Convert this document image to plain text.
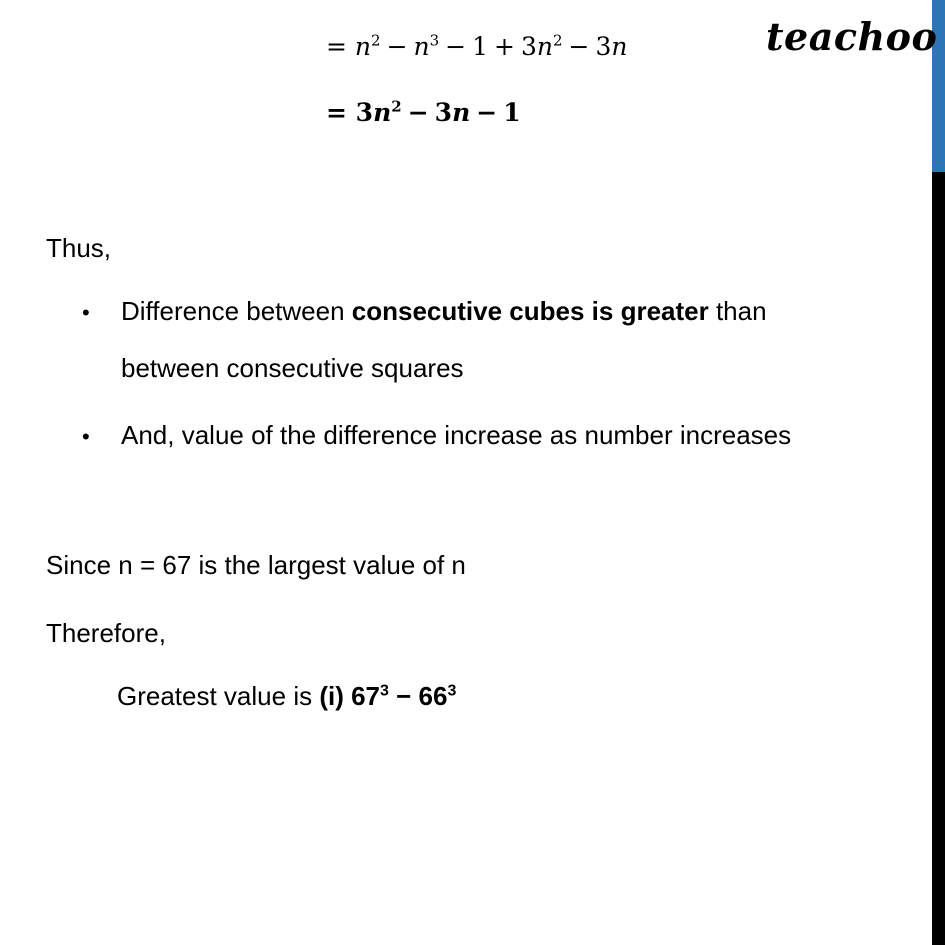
teachoo
= $n^2 - n^3 - 1 + 3n^2 - 3n$
= $3n^2 - 3n - 1$
Thus,
• Difference between consecutive cubes is greater than
between consecutive squares
• And, value of the difference increase as number increases
Since n = 67 is the largest value of n
Therefore,
Greatest value is (i) $67^3 - 66^3$
